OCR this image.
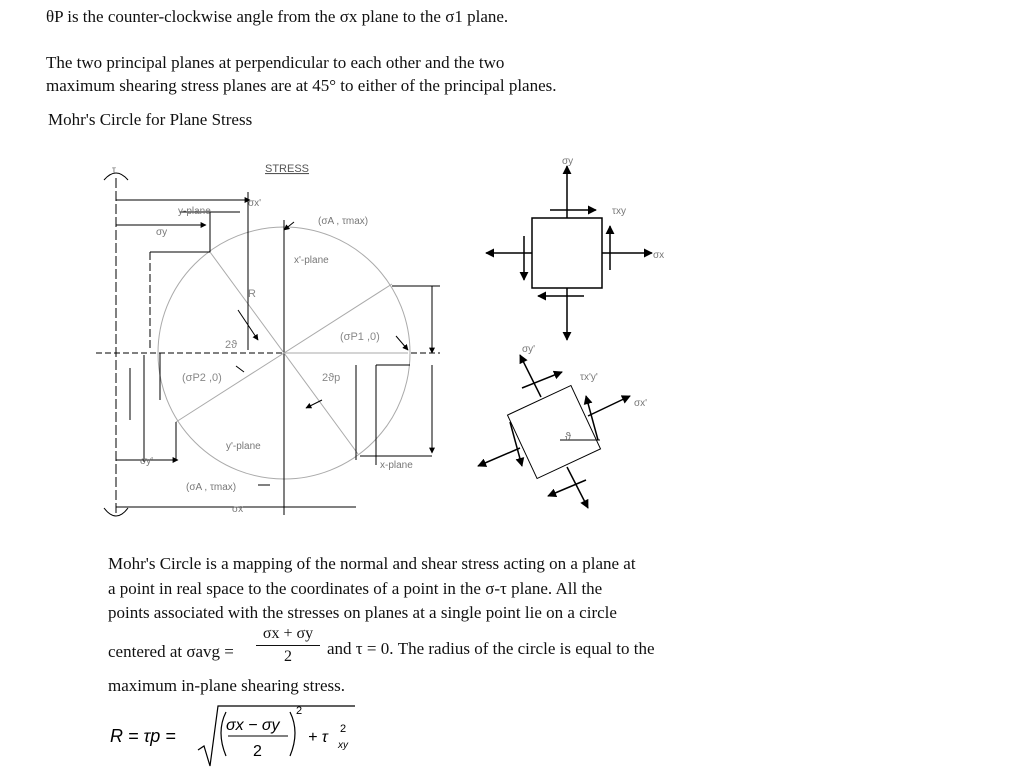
θP is the counter-clockwise angle from the σx plane to the σ1 plane.
The two principal planes at perpendicular to each other and the two
maximum shearing stress planes are at 45° to either of the principal planes.
Mohr's Circle for Plane Stress
τ	STRESS
y-plane
σx'
σy
(σA , τmax)
x'-plane
R
2ϑ
(σP1 ,0)
(σP2 ,0)	2ϑp
y'-plane
x-plane
σy'
(σA , τmax)
σx
σy
τxy
σx
σy'
τx'y'
σx'
ϑ
Mohr's Circle is a mapping of the normal and shear stress acting on a plane at
a point in real space to the coordinates of a point in the σ-τ plane. All the
points associated with the stresses on planes at a single point lie on a circle
centered at $\sigma avg = \frac{\sigma x + \sigma y}{2}$ and τ = 0. The radius of the circle is equal to the
maximum in-plane shearing stress.
R = τp =
σx − σy
2
2
+ τ 2
xy
